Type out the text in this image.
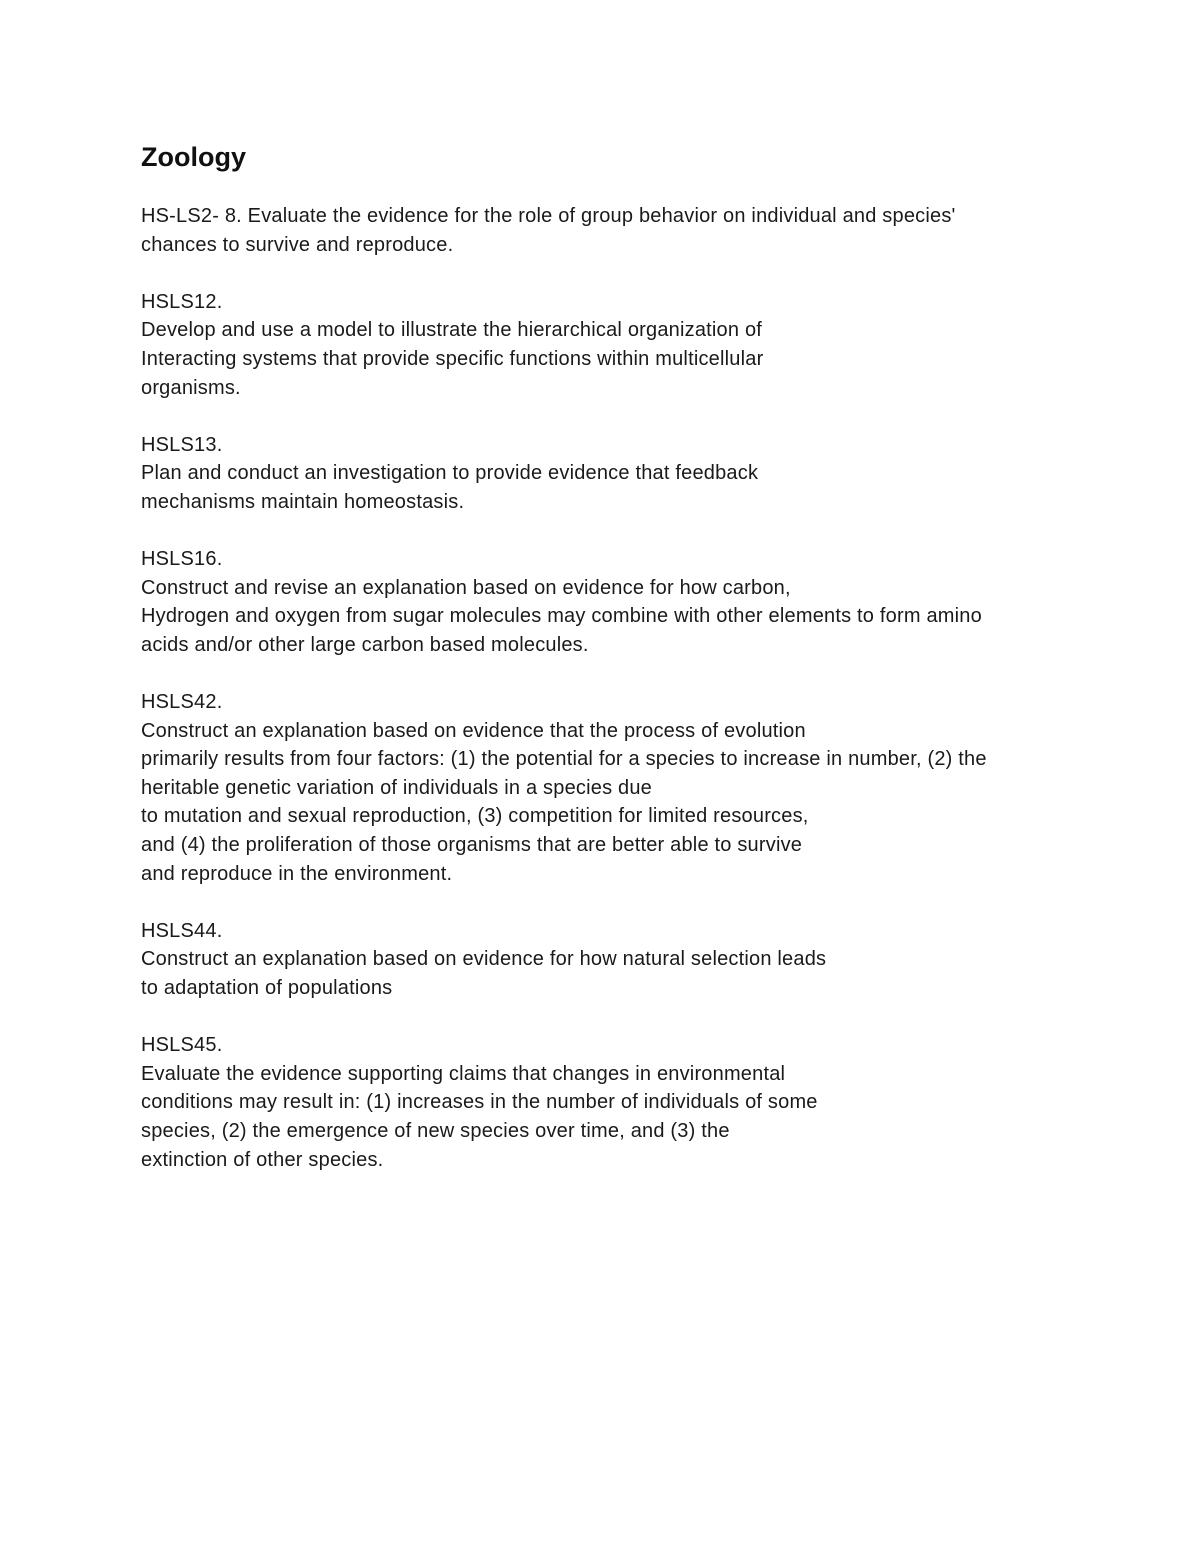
Zoology
HS-LS2- 8. Evaluate the evidence for the role of group behavior on individual and species'
chances to survive and reproduce.
HSLS12.
Develop and use a model to illustrate the hierarchical organization of
Interacting systems that provide specific functions within multicellular
organisms.
HSLS13.
Plan and conduct an investigation to provide evidence that feedback
mechanisms maintain homeostasis.
HSLS16.
Construct and revise an explanation based on evidence for how carbon,
Hydrogen and oxygen from sugar molecules may combine with other elements to form amino
acids and/or other large carbon based molecules.
HSLS42.
Construct an explanation based on evidence that the process of evolution
primarily results from four factors: (1) the potential for a species to increase in number, (2) the
heritable genetic variation of individuals in a species due
to mutation and sexual reproduction, (3) competition for limited resources,
and (4) the proliferation of those organisms that are better able to survive
and reproduce in the environment.
HSLS44.
Construct an explanation based on evidence for how natural selection leads
to adaptation of populations
HSLS45.
Evaluate the evidence supporting claims that changes in environmental
conditions may result in: (1) increases in the number of individuals of some
species, (2) the emergence of new species over time, and (3) the
extinction of other species.
